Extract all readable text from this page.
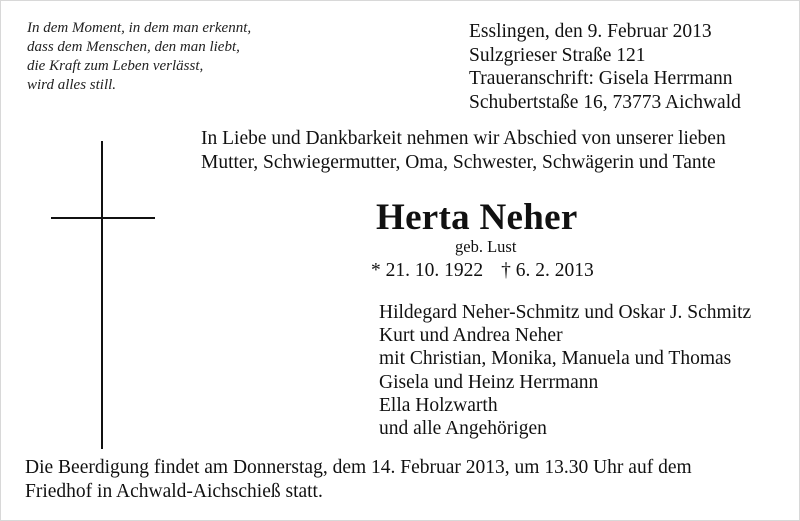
In dem Moment, in dem man erkennt,
dass dem Menschen, den man liebt,
die Kraft zum Leben verlässt,
wird alles still.
Esslingen, den 9. Februar 2013
Sulzgrieser Straße 121
Traueranschrift: Gisela Herrmann
Schubertstaße 16, 73773 Aichwald
In Liebe und Dankbarkeit nehmen wir Abschied von unserer lieben
Mutter, Schwiegermutter, Oma, Schwester, Schwägerin und Tante
Herta Neher
geb. Lust
* 21. 10. 1922 † 6. 2. 2013
Hildegard Neher-Schmitz und Oskar J. Schmitz
Kurt und Andrea Neher
mit Christian, Monika, Manuela und Thomas
Gisela und Heinz Herrmann
Ella Holzwarth
und alle Angehörigen
Die Beerdigung findet am Donnerstag, dem 14. Februar 2013, um 13.30 Uhr auf dem
Friedhof in Achwald-Aichschieß statt.
